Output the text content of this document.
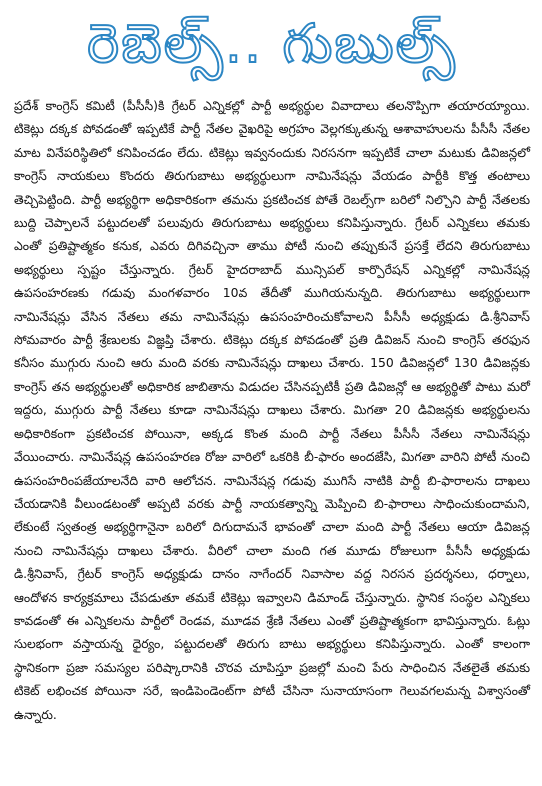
రెబెల్స్.. గుబుల్స్

ప్రదేశ్ కాంగ్రెస్ కమిటీ (పీసీసీ)కి గ్రేటర్ ఎన్నికల్లో పార్టీ అభ్యర్థుల వివాదాలు తలనొప్పిగా తయారయ్యాయి. టికెట్లు దక్కక పోవడంతో ఇప్పటికే పార్టీ నేతల వైఖరిపై అగ్రహం వెల్లగక్కుతున్న ఆశావాహులను పీసీసీ నేతల మాట వినేపరిస్థితిలో కనిపించడం లేదు. టికెట్లు ఇవ్వనందుకు నిరసనగా ఇప్పటికే చాలా మటుకు డివిజన్లలో కాంగ్రెస్ నాయకులు కొందరు తిరుగుబాటు అభ్యర్థులుగా నామినేషన్లు వేయడం పార్టీకి కొత్త తంటాలు తెచ్చిపెట్టింది. పార్టీ అభ్యర్థిగా అధికారికంగా తమను ప్రకటించక పోతే రెబల్స్‌గా బరిలో నిల్చొని పార్టీ నేతలకు బుద్ది చెప్పాలనే పట్టుదలతో పలువురు తిరుగుబాటు అభ్యర్థులు కనిపిస్తున్నారు. గ్రేటర్ ఎన్నికలు తమకు ఎంతో ప్రతిష్టాత్మకం కనుక, ఎవరు దిగివచ్చినా తాము పోటీ నుంచి తప్పుకునే ప్రసక్తే లేదని తిరుగుబాటు అభ్యర్థులు స్పష్టం చేస్తున్నారు. గ్రేటర్ హైదరాబాద్ మున్సిపల్ కార్పొరేషన్ ఎన్నికల్లో నామినేషన్ల ఉపసంహరణకు గడువు మంగళవారం 10వ తేదీతో ముగియనున్నది. తిరుగుబాటు అభ్యర్థులుగా నామినేషన్లు వేసిన నేతలు తమ నామినేషన్లు ఉపసంహరించుకోవాలని పీసీసీ అధ్యక్షుడు డి.శ్రీనివాస్ సోమవారం పార్టీ శ్రేణులకు విజ్ఞప్తి చేశారు. టికెట్లు దక్కక పోవడంతో ప్రతి డివిజన్ నుంచి కాంగ్రెస్ తరఫున కనీసం ముగ్గురు నుంచి ఆరు మంది వరకు నామినేషన్లు దాఖలు చేశారు. 150 డివిజన్లలో 130 డివిజన్లకు కాంగ్రెస్ తన అభ్యర్థులతో అధికారిక జాబితాను విడుదల చేసినప్పటికీ ప్రతి డివిజన్లో ఆ అభ్యర్థితో పాటు మరో ఇద్దరు, ముగ్గురు పార్టీ నేతలు కూడా నామినేషన్లు దాఖలు చేశారు. మిగతా 20 డివిజన్లకు అభ్యర్థులను అధికారికంగా ప్రకటించక పోయినా, అక్కడ కొంత మంది పార్టీ నేతలు పీసీసీ నేతలు నామినేషన్లు వేయించారు. నామినేషన్ల ఉపసంహరణ రోజు వారిలో ఒకరికి బీ-ఫారం అందజేసి, మిగతా వారిని పోటీ నుంచి ఉపసంహరింపజేయాలనేది వారి ఆలోచన. నామినేషన్ల గడువు ముగిసే నాటికి పార్టీ బి-ఫారాలను దాఖలు చేయడానికి వీలుండటంతో అప్పటి వరకు పార్టీ నాయకత్వాన్ని మెప్పించి బి-ఫారాలు సాధించుకుందామని, లేకుంటే స్వతంత్ర అభ్యర్థిగానైనా బరిలో దిగుదామనే భావంతో చాలా మంది పార్టీ నేతలు ఆయా డివిజన్ల నుంచి నామినేషన్లు దాఖలు చేశారు. వీరిలో చాలా మంది గత మూడు రోజులుగా పీసీసీ అధ్యక్షుడు డి.శ్రీనివాస్, గ్రేటర్ కాంగ్రెస్ అధ్యక్షుడు దానం నాగేందర్ నివాసాల వద్ద నిరసన ప్రదర్శనలు, ధర్నాలు, ఆందోళన కార్యక్రమాలు చేపడుతూ తమకే టికెట్లు ఇవ్వాలని డిమాండ్ చేస్తున్నారు. స్థానిక సంస్థల ఎన్నికలు కావడంతో ఈ ఎన్నికలను పార్టీలో రెండవ, మూడవ శ్రేణి నేతలు ఎంతో ప్రతిష్టాత్మకంగా భావిస్తున్నారు. ఓట్లు సులభంగా వస్తాయన్న ధైర్యం, పట్టుదలతో తిరుగు బాటు అభ్యర్థులు కనిపిస్తున్నారు. ఎంతో కాలంగా స్థానికంగా ప్రజా సమస్యల పరిష్కారానికి చొరవ చూపిస్తూ ప్రజల్లో మంచి పేరు సాధించిన నేతలైతే తమకు టికెట్ లభించక పోయినా సరే, ఇండిపెండెంట్‌గా పోటీ చేసినా సునాయాసంగా గెలువగలమన్న విశ్వాసంతో ఉన్నారు.
